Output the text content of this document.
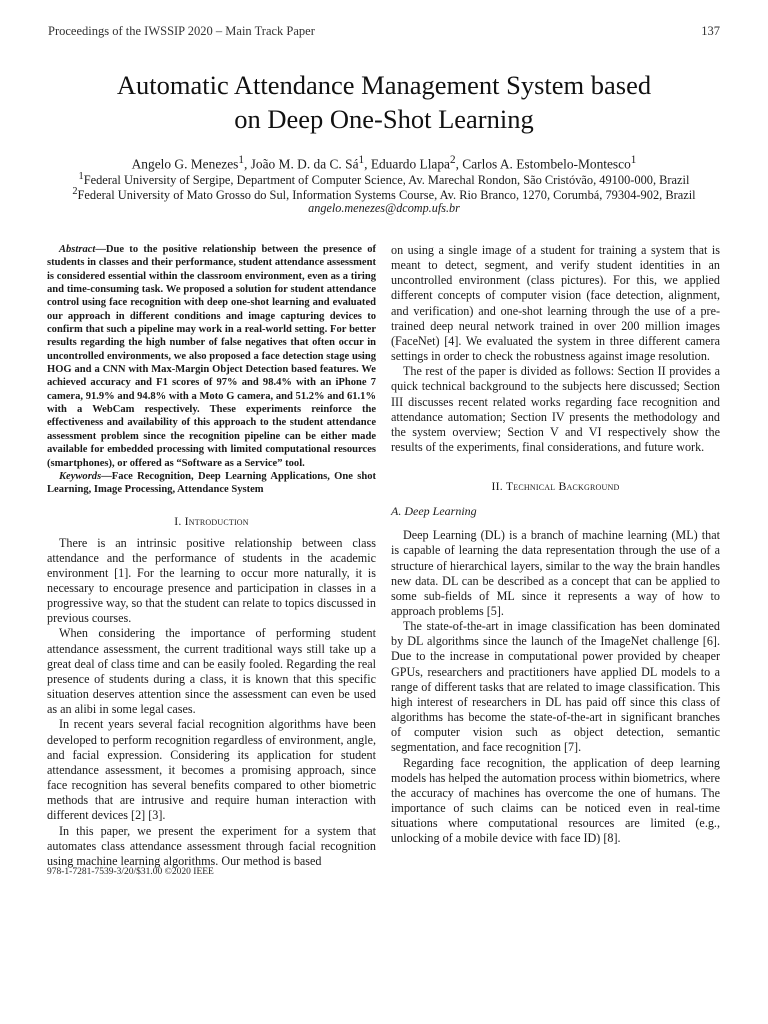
Proceedings of the IWSSIP 2020 – Main Track Paper	137
Automatic Attendance Management System based
on Deep One-Shot Learning
Angelo G. Menezes$^1$, João M. D. da C. $Sá^1$, Eduardo Llapa$^2$, Carlos A. Estombelo-Montesco$^1$
$^1$Federal University of Sergipe, Department of Computer Science, Av. Marechal Rondon, São Cristóvão, 49100-000, Brazil
$^2$Federal University of Mato Grosso do Sul, Information Systems Course, Av. Rio Branco, 1270, Corumbá, 79304-902, Brazil
angelo.menezes@dcomp.ufs.br

Abstract—Due to the positive relationship between the presence of students in classes and their performance, student attendance assessment is considered essential within the classroom environment, even as a tiring and time-consuming task. We proposed a solution for student attendance control using face recognition with deep one-shot learning and evaluated our approach in different conditions and image capturing devices to confirm that such a pipeline may work in a real-world setting. For better results regarding the high number of false negatives that often occur in uncontrolled environments, we also proposed a face detection stage using HOG and a CNN with Max-Margin Object Detection based features. We achieved accuracy and F1 scores of 97% and 98.4% with an iPhone 7 camera, 91.9% and 94.8% with a Moto G camera, and 51.2% and 61.1% with a WebCam respectively. These experiments reinforce the effectiveness and availability of this approach to the student attendance assessment problem since the recognition pipeline can be either made available for embedded processing with limited computational resources (smartphones), or offered as “Software as a Service” tool.

Keywords—Face Recognition, Deep Learning Applications, One shot Learning, Image Processing, Attendance System

I. Introduction

There is an intrinsic positive relationship between class attendance and the performance of students in the academic environment [1]. For the learning to occur more naturally, it is necessary to encourage presence and participation in classes in a progressive way, so that the student can relate to topics discussed in previous courses.

When considering the importance of performing student attendance assessment, the current traditional ways still take up a great deal of class time and can be easily fooled. Regarding the real presence of students during a class, it is known that this specific situation deserves attention since the assessment can even be used as an alibi in some legal cases.

In recent years several facial recognition algorithms have been developed to perform recognition regardless of environment, angle, and facial expression. Considering its application for student attendance assessment, it becomes a promising approach, since face recognition has several benefits compared to other biometric methods that are intrusive and require human interaction with different devices [2] [3].

In this paper, we present the experiment for a system that automates class attendance assessment through facial recognition using machine learning algorithms. Our method is based

978-1-7281-7539-3/20/$31.00 ©2020 IEEE

on using a single image of a student for training a system that is meant to detect, segment, and verify student identities in an uncontrolled environment (class pictures). For this, we applied different concepts of computer vision (face detection, alignment, and verification) and one-shot learning through the use of a pre-trained deep neural network trained in over 200 million images (FaceNet) [4]. We evaluated the system in three different camera settings in order to check the robustness against image resolution.

The rest of the paper is divided as follows: Section II provides a quick technical background to the subjects here discussed; Section III discusses recent related works regarding face recognition and attendance automation; Section IV presents the methodology and the system overview; Section V and VI respectively show the results of the experiments, final considerations, and future work.

II. Technical Background

A. Deep Learning

Deep Learning (DL) is a branch of machine learning (ML) that is capable of learning the data representation through the use of a structure of hierarchical layers, similar to the way the brain handles new data. DL can be described as a concept that can be applied to some sub-fields of ML since it represents a way of how to approach problems [5].

The state-of-the-art in image classification has been dominated by DL algorithms since the launch of the ImageNet challenge [6]. Due to the increase in computational power provided by cheaper GPUs, researchers and practitioners have applied DL models to a range of different tasks that are related to image classification. This high interest of researchers in DL has paid off since this class of algorithms has become the state-of-the-art in significant branches of computer vision such as object detection, semantic segmentation, and face recognition [7].

Regarding face recognition, the application of deep learning models has helped the automation process within biometrics, where the accuracy of machines has overcome the one of humans. The importance of such claims can be noticed even in real-time situations where computational resources are limited (e.g., unlocking of a mobile device with face ID) [8].
